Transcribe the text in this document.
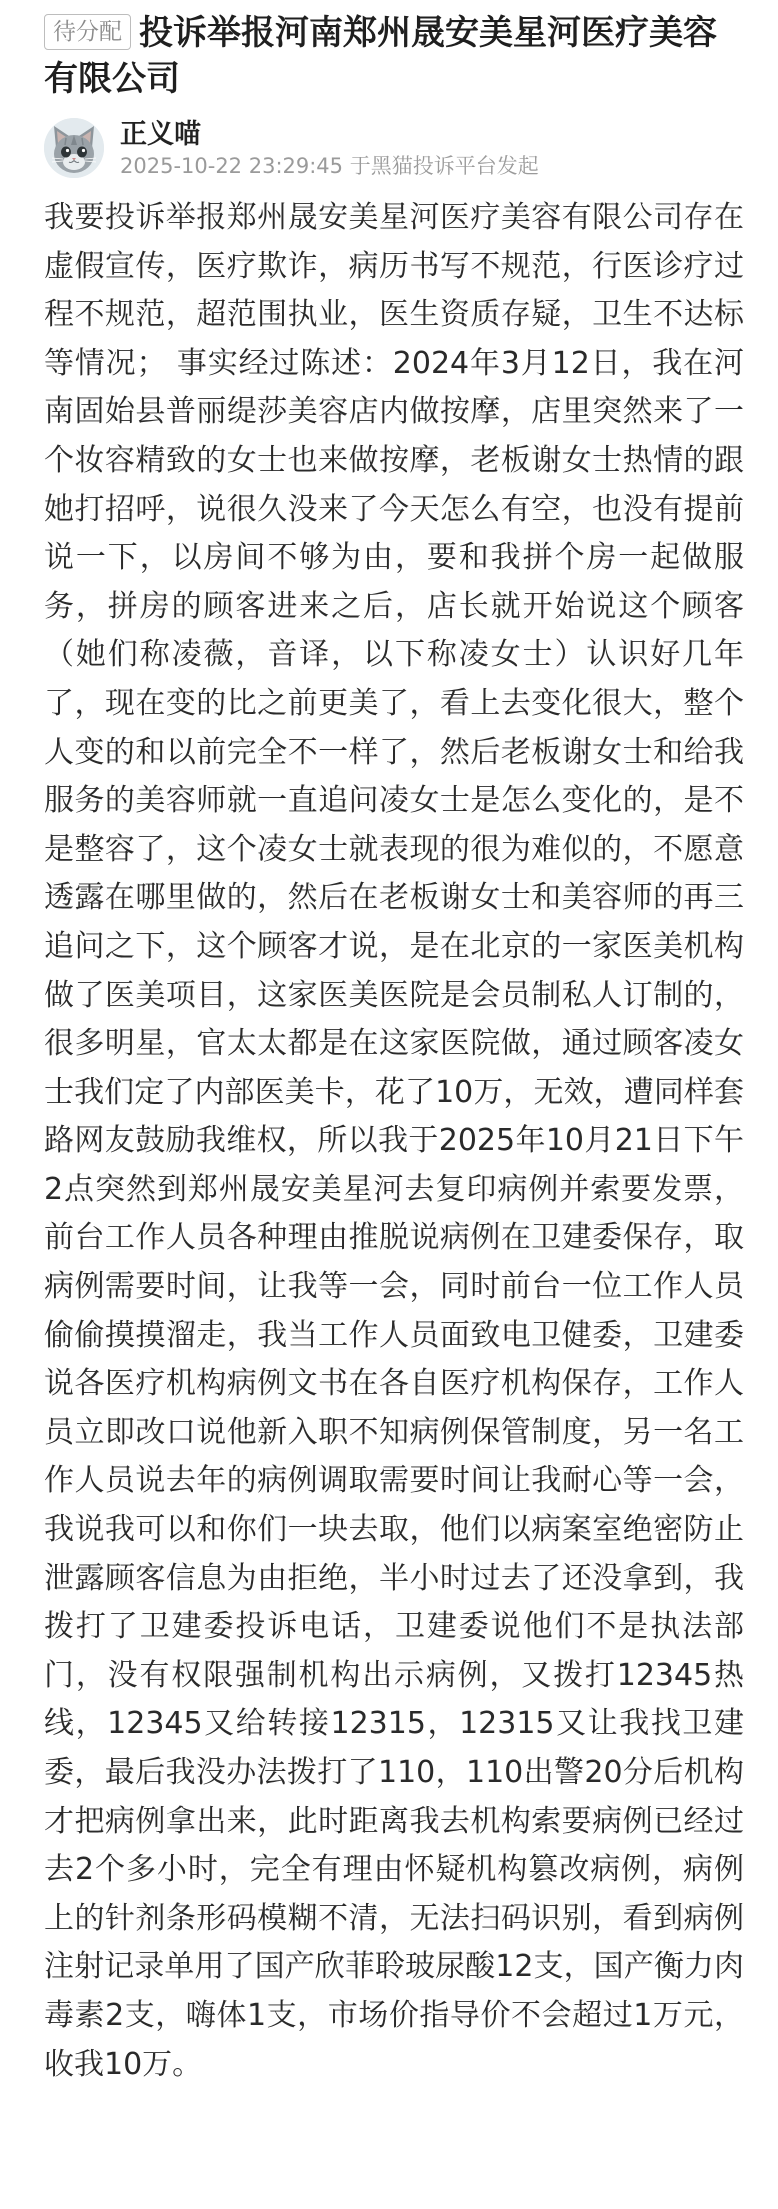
待分配 投诉举报河南郑州晟安美星河医疗美容有限公司
正义喵
2025-10-22 23:29:45 于黑猫投诉平台发起

我要投诉举报郑州晟安美星河医疗美容有限公司存在虚假宣传，医疗欺诈，病历书写不规范，行医诊疗过程不规范，超范围执业，医生资质存疑，卫生不达标等情况； 事实经过陈述：2024年3月12日，我在河南固始县普丽缇莎美容店内做按摩，店里突然来了一个妆容精致的女士也来做按摩，老板谢女士热情的跟她打招呼，说很久没来了今天怎么有空，也没有提前说一下，以房间不够为由，要和我拼个房一起做服务，拼房的顾客进来之后，店长就开始说这个顾客（她们称凌薇，音译，以下称凌女士）认识好几年了，现在变的比之前更美了，看上去变化很大，整个人变的和以前完全不一样了，然后老板谢女士和给我服务的美容师就一直追问凌女士是怎么变化的，是不是整容了，这个凌女士就表现的很为难似的，不愿意透露在哪里做的，然后在老板谢女士和美容师的再三追问之下，这个顾客才说，是在北京的一家医美机构做了医美项目，这家医美医院是会员制私人订制的，很多明星，官太太都是在这家医院做，通过顾客凌女士我们定了内部医美卡，花了10万，无效，遭同样套路网友鼓励我维权，所以我于2025年10月21日下午2点突然到郑州晟安美星河去复印病例并索要发票，前台工作人员各种理由推脱说病例在卫建委保存，取病例需要时间，让我等一会，同时前台一位工作人员偷偷摸摸溜走，我当工作人员面致电卫健委，卫建委说各医疗机构病例文书在各自医疗机构保存，工作人员立即改口说他新入职不知病例保管制度，另一名工作人员说去年的病例调取需要时间让我耐心等一会，我说我可以和你们一块去取，他们以病案室绝密防止泄露顾客信息为由拒绝，半小时过去了还没拿到，我拨打了卫建委投诉电话，卫建委说他们不是执法部门，没有权限强制机构出示病例，又拨打12345热线，12345又给转接12315，12315又让我找卫建委，最后我没办法拨打了110，110出警20分后机构才把病例拿出来，此时距离我去机构索要病例已经过去2个多小时，完全有理由怀疑机构篡改病例，病例上的针剂条形码模糊不清，无法扫码识别，看到病例注射记录单用了国产欣菲聆玻尿酸12支，国产衡力肉毒素2支，嗨体1支，市场价指导价不会超过1万元，收我10万。
